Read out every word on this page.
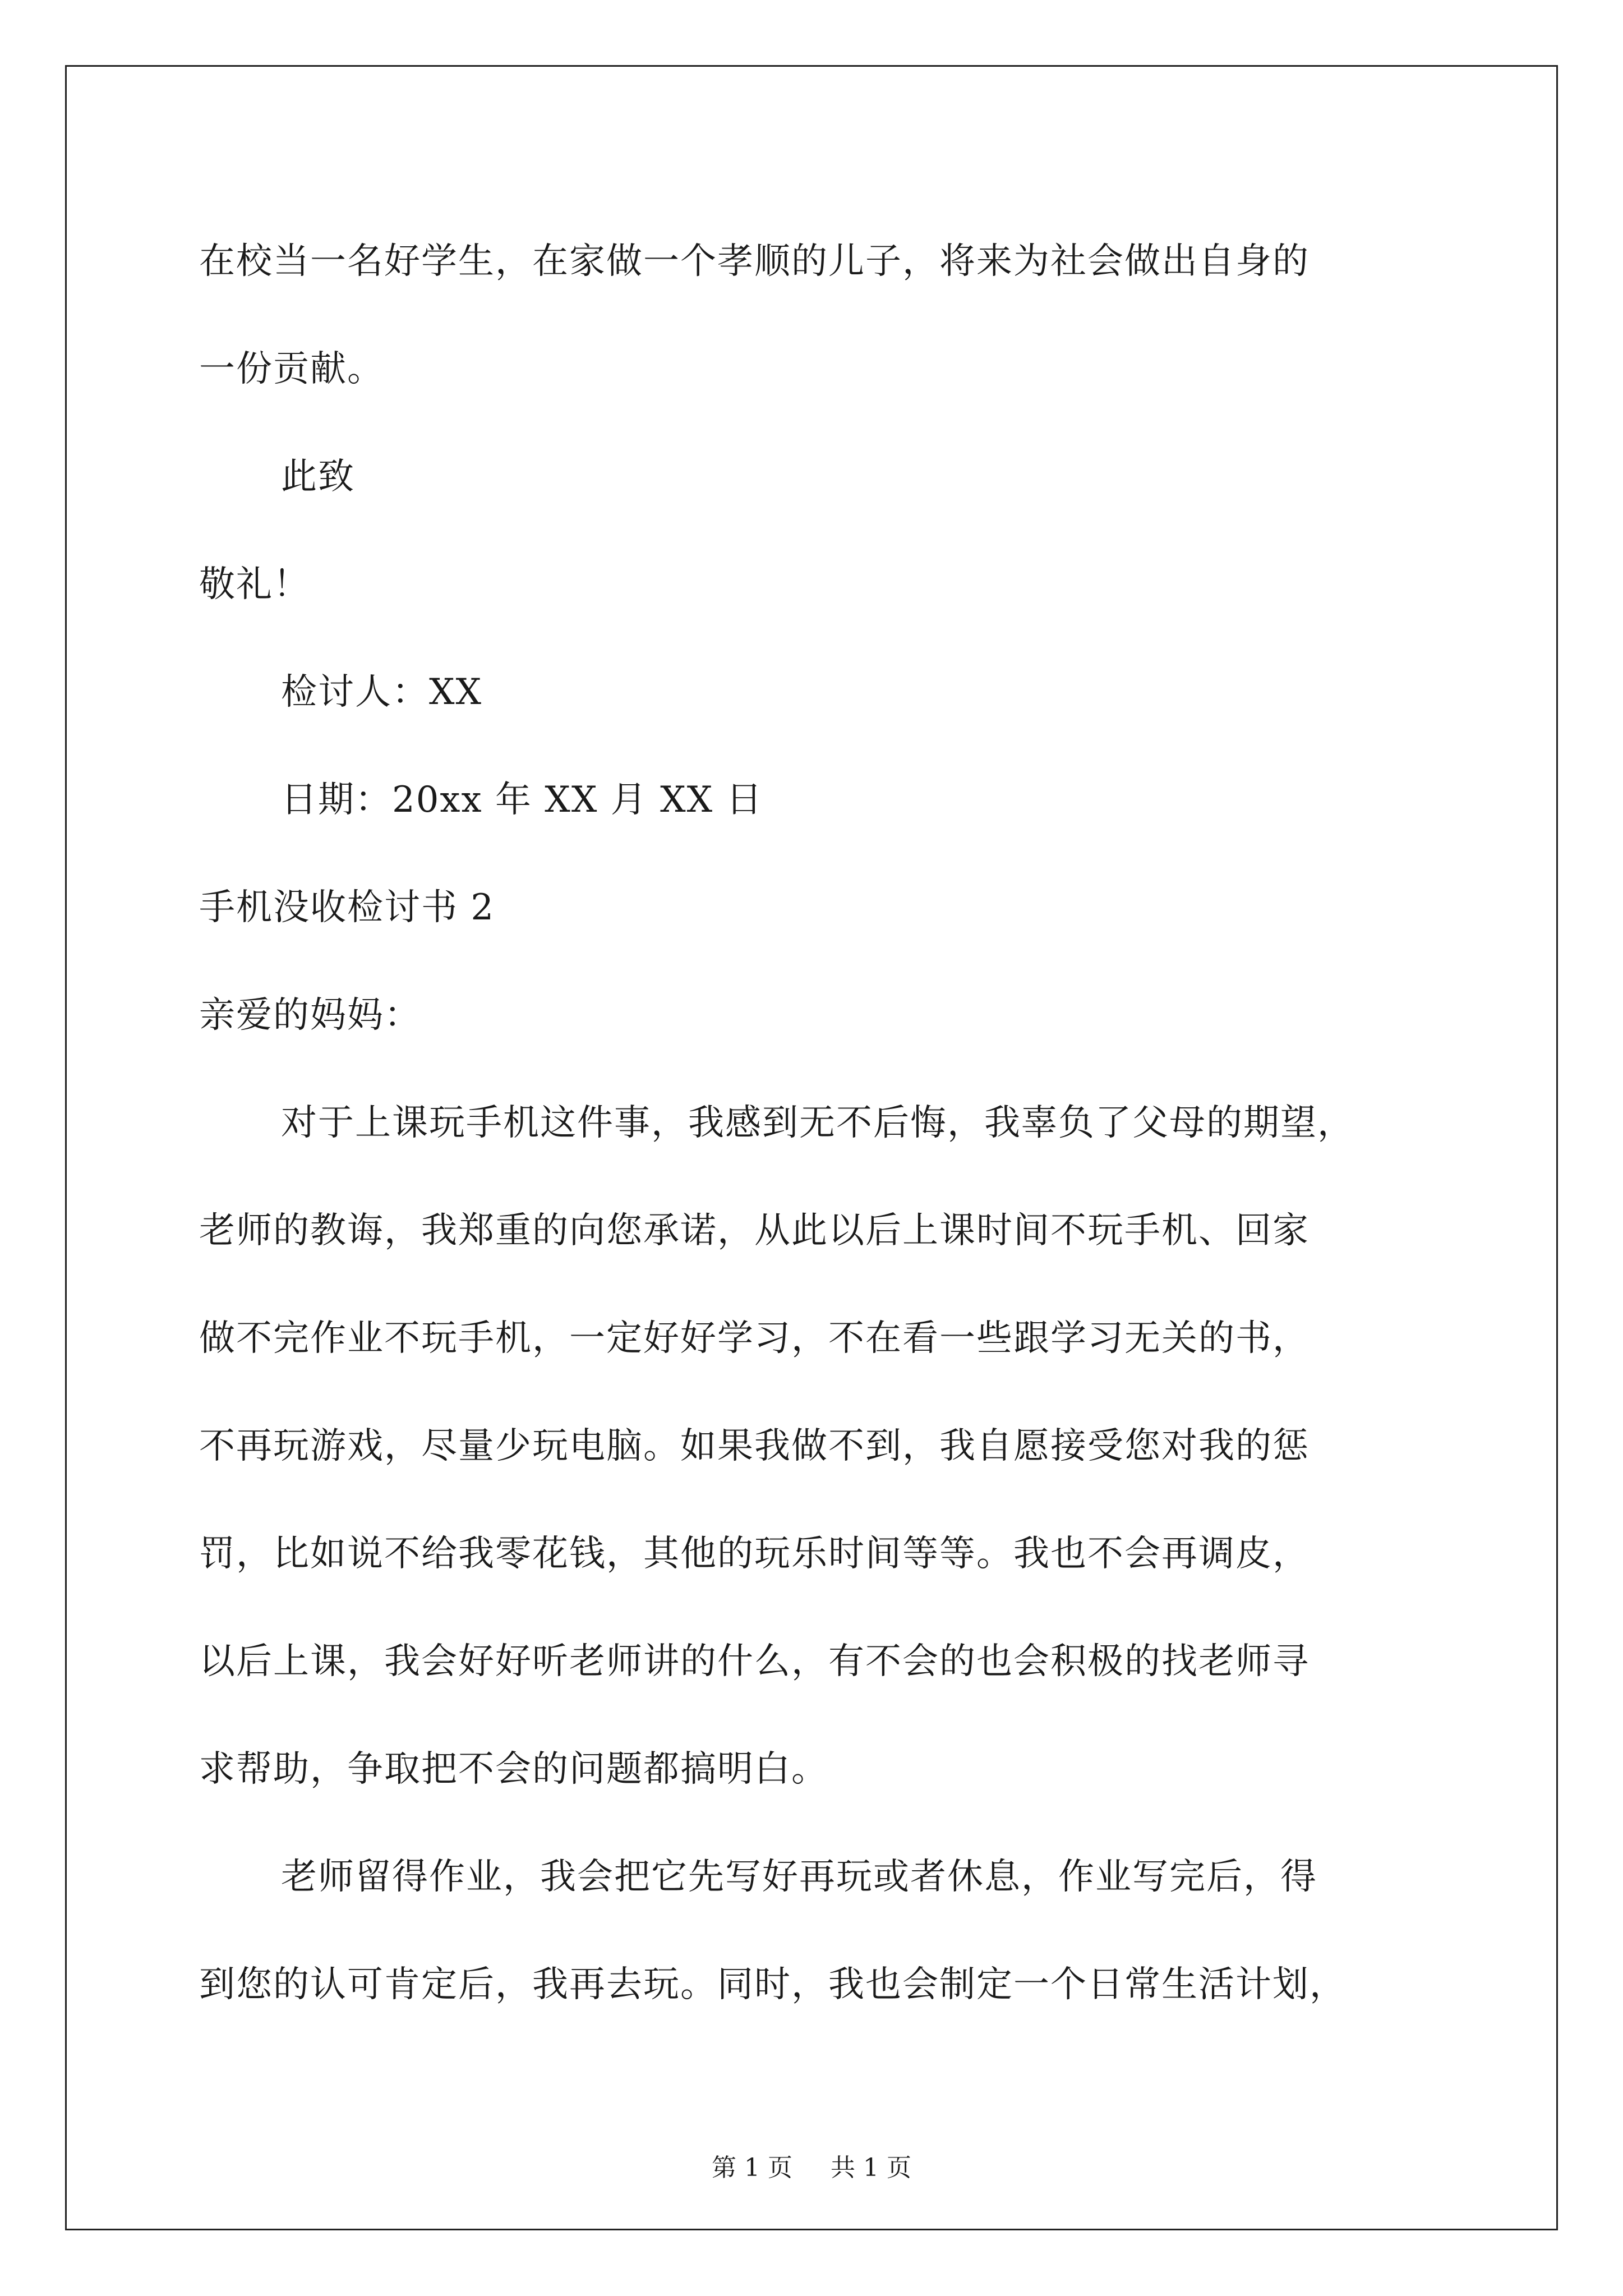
在校当一名好学生，在家做一个孝顺的儿子，将来为社会做出自身的
一份贡献。
此致
敬礼！
检讨人：XX
日期：20xx 年 XX 月 XX 日
手机没收检讨书 2
亲爱的妈妈：
对于上课玩手机这件事，我感到无不后悔，我辜负了父母的期望，
老师的教诲，我郑重的向您承诺，从此以后上课时间不玩手机、回家
做不完作业不玩手机，一定好好学习，不在看一些跟学习无关的书，
不再玩游戏，尽量少玩电脑。如果我做不到，我自愿接受您对我的惩
罚，比如说不给我零花钱，其他的玩乐时间等等。我也不会再调皮，
以后上课，我会好好听老师讲的什么，有不会的也会积极的找老师寻
求帮助，争取把不会的问题都搞明白。
老师留得作业，我会把它先写好再玩或者休息，作业写完后，得
到您的认可肯定后，我再去玩。同时，我也会制定一个日常生活计划，
第 1 页 共 1 页
